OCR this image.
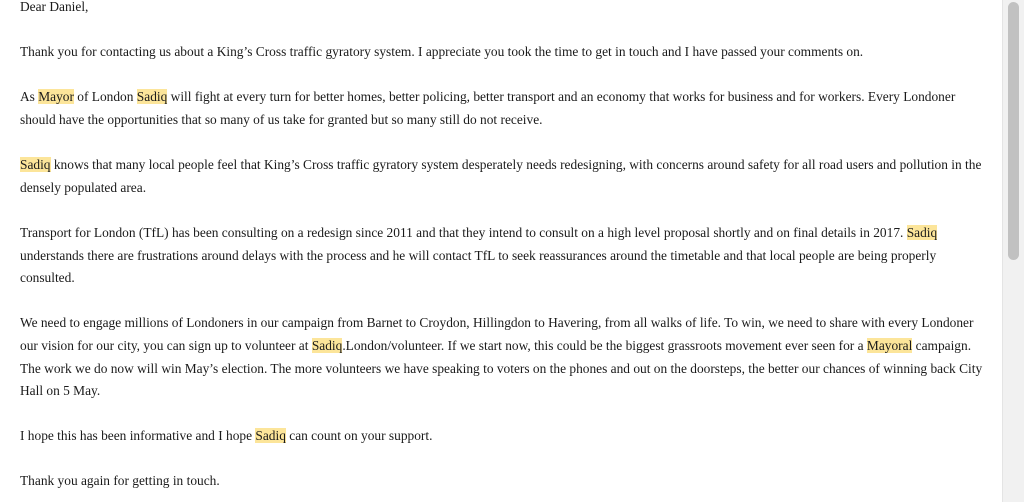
Dear Daniel,

Thank you for contacting us about a King’s Cross traffic gyratory system. I appreciate you took the time to get in touch and I have passed your comments on.

As Mayor of London Sadiq will fight at every turn for better homes, better policing, better transport and an economy that works for business and for workers. Every Londoner should have the opportunities that so many of us take for granted but so many still do not receive.

Sadiq knows that many local people feel that King’s Cross traffic gyratory system desperately needs redesigning, with concerns around safety for all road users and pollution in the densely populated area.

Transport for London (TfL) has been consulting on a redesign since 2011 and that they intend to consult on a high level proposal shortly and on final details in 2017. Sadiq understands there are frustrations around delays with the process and he will contact TfL to seek reassurances around the timetable and that local people are being properly consulted.

We need to engage millions of Londoners in our campaign from Barnet to Croydon, Hillingdon to Havering, from all walks of life. To win, we need to share with every Londoner our vision for our city, you can sign up to volunteer at Sadiq.London/volunteer. If we start now, this could be the biggest grassroots movement ever seen for a Mayoral campaign. The work we do now will win May’s election. The more volunteers we have speaking to voters on the phones and out on the doorsteps, the better our chances of winning back City Hall on 5 May.

I hope this has been informative and I hope Sadiq can count on your support.

Thank you again for getting in touch.
